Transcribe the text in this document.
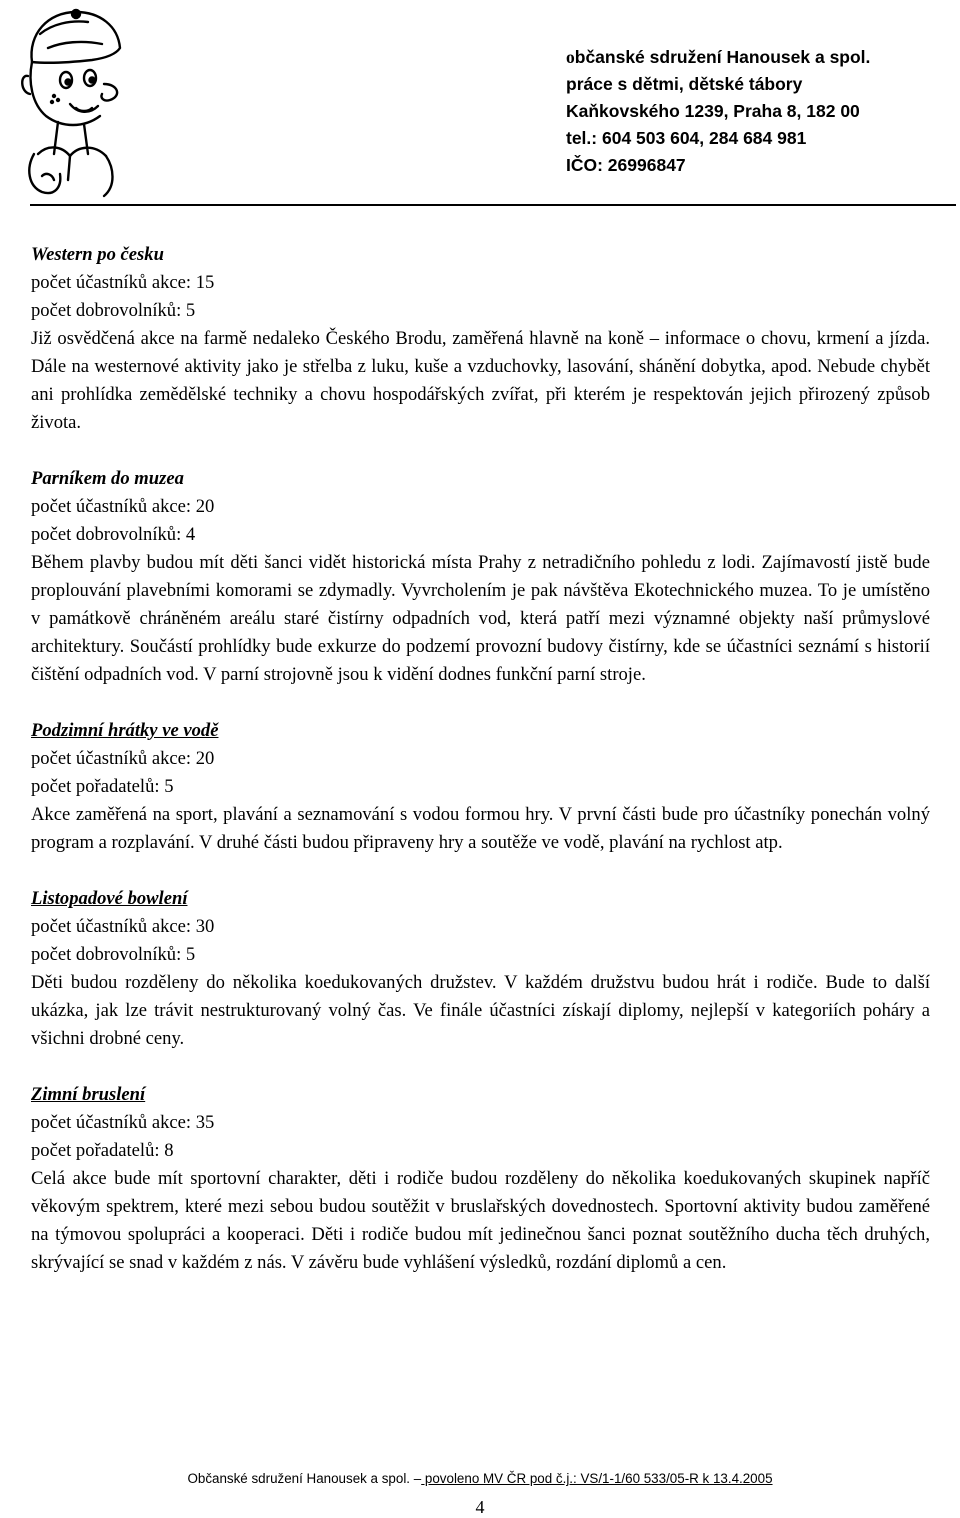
občanské sdružení Hanousek a spol.
práce s dětmi, dětské tábory
Kaňkovského 1239, Praha 8, 182 00
tel.: 604 503 604, 284 684 981
IČO: 26996847
Western po česku
počet účastníků akce: 15
počet dobrovolníků: 5
Již osvědčená akce na farmě nedaleko Českého Brodu, zaměřená hlavně na koně – informace o chovu, krmení a jízda. Dále na westernové aktivity jako je střelba z luku, kuše a vzduchovky, lasování, shánění dobytka, apod. Nebude chybět ani prohlídka zemědělské techniky a chovu hospodářských zvířat, při kterém je respektován jejich přirozený způsob života.
Parníkem do muzea
počet účastníků akce: 20
počet dobrovolníků: 4
Během plavby budou mít děti šanci vidět historická místa Prahy z netradičního pohledu z lodi. Zajímavostí jistě bude proplouvání plavebními komorami se zdymadly. Vyvrcholením je pak návštěva Ekotechnického muzea. To je umístěno v památkově chráněném areálu staré čistírny odpadních vod, která patří mezi významné objekty naší průmyslové architektury. Součástí prohlídky bude exkurze do podzemí provozní budovy čistírny, kde se účastníci seznámí s historií čištění odpadních vod. V parní strojovně jsou k vidění dodnes funkční parní stroje.
Podzimní hrátky ve vodě
počet účastníků akce: 20
počet pořadatelů: 5
Akce zaměřená na sport, plavání a seznamování s vodou formou hry. V první části bude pro účastníky ponechán volný program a rozplavání. V druhé části budou připraveny hry a soutěže ve vodě, plavání na rychlost atp.
Listopadové bowlení
počet účastníků akce: 30
počet dobrovolníků: 5
Děti budou rozděleny do několika koedukovaných družstev. V každém družstvu budou hrát i rodiče. Bude to další ukázka, jak lze trávit nestrukturovaný volný čas. Ve finále účastníci získají diplomy, nejlepší v kategoriích poháry a všichni drobné ceny.
Zimní bruslení
počet účastníků akce: 35
počet pořadatelů: 8
Celá akce bude mít sportovní charakter, děti i rodiče budou rozděleny do několika koedukovaných skupinek napříč věkovým spektrem, které mezi sebou budou soutěžit v bruslařských dovednostech. Sportovní aktivity budou zaměřené na týmovou spolupráci a kooperaci. Děti i rodiče budou mít jedinečnou šanci poznat soutěžního ducha těch druhých, skrývající se snad v každém z nás. V závěru bude vyhlášení výsledků, rozdání diplomů a cen.
Občanské sdružení Hanousek a spol. – povoleno MV ČR pod č.j.: VS/1-1/60 533/05-R k 13.4.2005
4
